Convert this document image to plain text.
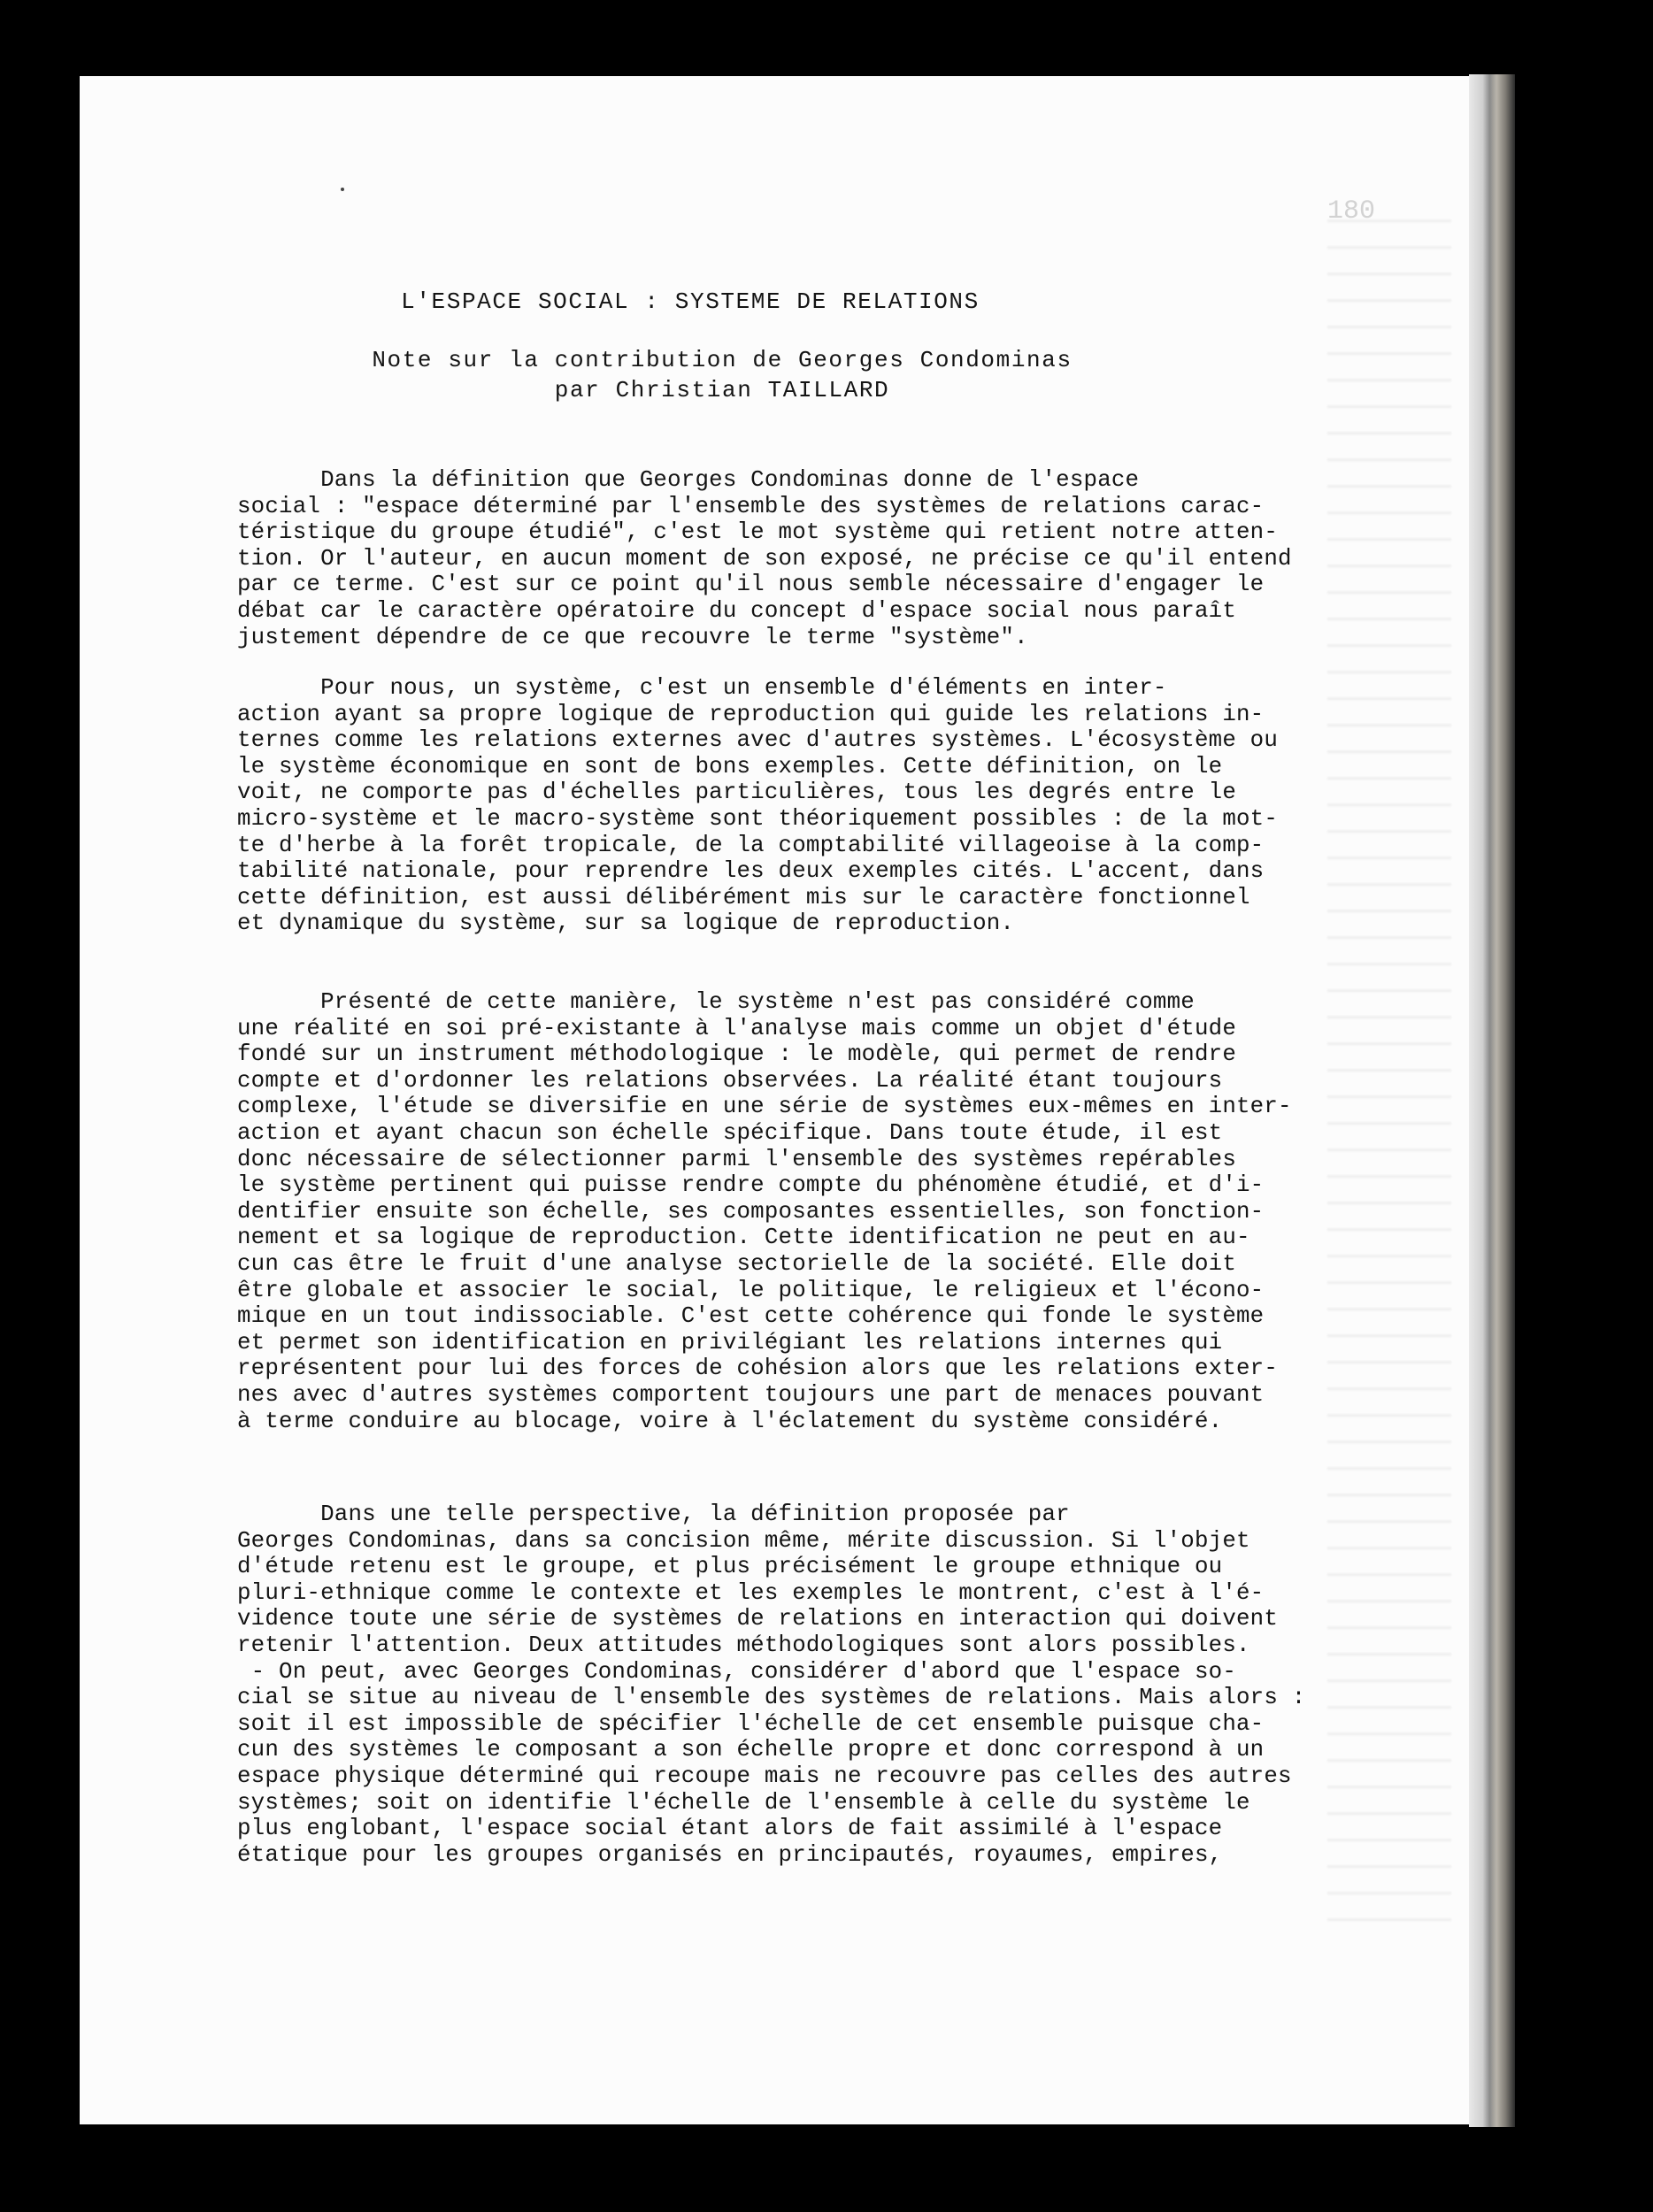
180
L'ESPACE SOCIAL : SYSTEME DE RELATIONS
Note sur la contribution de Georges Condominas
par Christian TAILLARD
Dans la définition que Georges Condominas donne de l'espace
social : "espace déterminé par l'ensemble des systèmes de relations carac-
téristique du groupe étudié", c'est le mot système qui retient notre atten-
tion. Or l'auteur, en aucun moment de son exposé, ne précise ce qu'il entend
par ce terme. C'est sur ce point qu'il nous semble nécessaire d'engager le
débat car le caractère opératoire du concept d'espace social nous paraît
justement dépendre de ce que recouvre le terme "système".
Pour nous, un système, c'est un ensemble d'éléments en inter-
action ayant sa propre logique de reproduction qui guide les relations in-
ternes comme les relations externes avec d'autres systèmes. L'écosystème ou
le système économique en sont de bons exemples. Cette définition, on le
voit, ne comporte pas d'échelles particulières, tous les degrés entre le
micro-système et le macro-système sont théoriquement possibles : de la mot-
te d'herbe à la forêt tropicale, de la comptabilité villageoise à la comp-
tabilité nationale, pour reprendre les deux exemples cités. L'accent, dans
cette définition, est aussi délibérément mis sur le caractère fonctionnel
et dynamique du système, sur sa logique de reproduction.
Présenté de cette manière, le système n'est pas considéré comme
une réalité en soi pré-existante à l'analyse mais comme un objet d'étude
fondé sur un instrument méthodologique : le modèle, qui permet de rendre
compte et d'ordonner les relations observées. La réalité étant toujours
complexe, l'étude se diversifie en une série de systèmes eux-mêmes en inter-
action et ayant chacun son échelle spécifique. Dans toute étude, il est
donc nécessaire de sélectionner parmi l'ensemble des systèmes repérables
le système pertinent qui puisse rendre compte du phénomène étudié, et d'i-
dentifier ensuite son échelle, ses composantes essentielles, son fonction-
nement et sa logique de reproduction. Cette identification ne peut en au-
cun cas être le fruit d'une analyse sectorielle de la société. Elle doit
être globale et associer le social, le politique, le religieux et l'écono-
mique en un tout indissociable. C'est cette cohérence qui fonde le système
et permet son identification en privilégiant les relations internes qui
représentent pour lui des forces de cohésion alors que les relations exter-
nes avec d'autres systèmes comportent toujours une part de menaces pouvant
à terme conduire au blocage, voire à l'éclatement du système considéré.
Dans une telle perspective, la définition proposée par
Georges Condominas, dans sa concision même, mérite discussion. Si l'objet
d'étude retenu est le groupe, et plus précisément le groupe ethnique ou
pluri-ethnique comme le contexte et les exemples le montrent, c'est à l'é-
vidence toute une série de systèmes de relations en interaction qui doivent
retenir l'attention. Deux attitudes méthodologiques sont alors possibles.
- On peut, avec Georges Condominas, considérer d'abord que l'espace so-
cial se situe au niveau de l'ensemble des systèmes de relations. Mais alors :
soit il est impossible de spécifier l'échelle de cet ensemble puisque cha-
cun des systèmes le composant a son échelle propre et donc correspond à un
espace physique déterminé qui recoupe mais ne recouvre pas celles des autres
systèmes; soit on identifie l'échelle de l'ensemble à celle du système le
plus englobant, l'espace social étant alors de fait assimilé à l'espace
étatique pour les groupes organisés en principautés, royaumes, empires,
